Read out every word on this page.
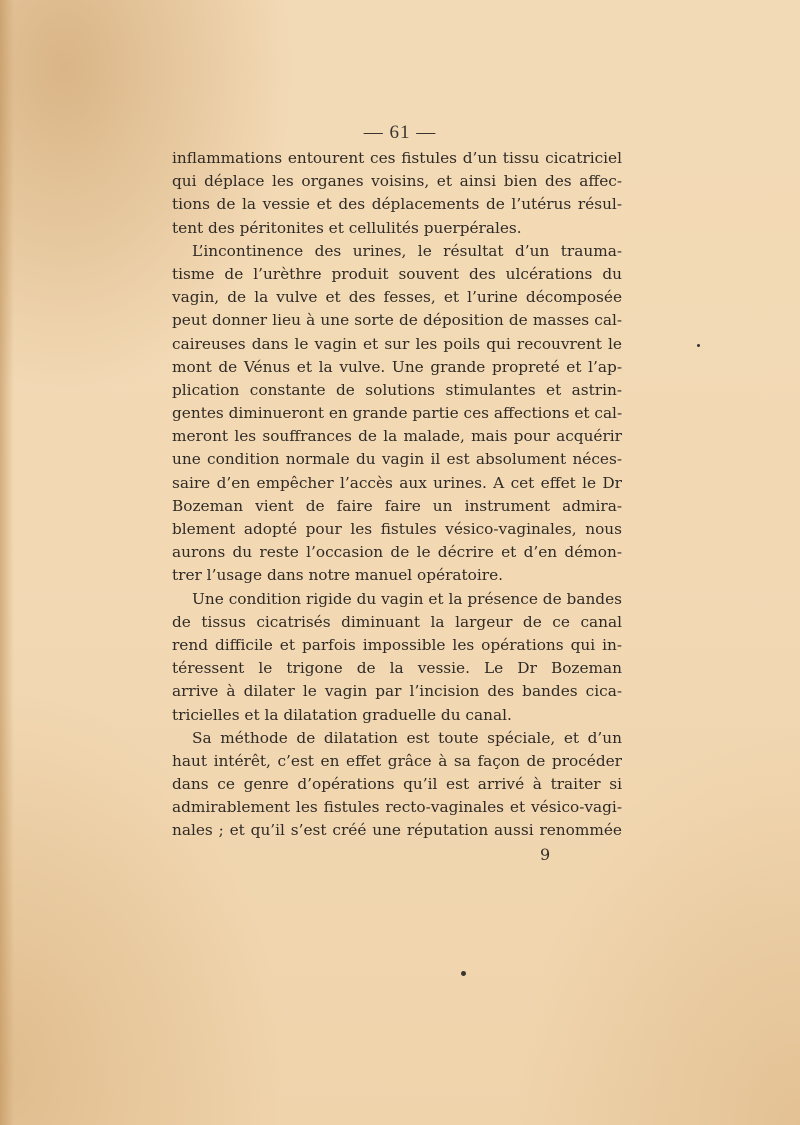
— 61 —
inflammations entourent ces fistules d’un tissu cicatriciel
qui déplace les organes voisins, et ainsi bien des affec-
tions de la vessie et des déplacements de l’utérus résul-
tent des péritonites et cellulités puerpérales.
L’incontinence des urines, le résultat d’un trauma-
tisme de l’urèthre produit souvent des ulcérations du
vagin, de la vulve et des fesses, et l’urine décomposée
peut donner lieu à une sorte de déposition de masses cal-
caireuses dans le vagin et sur les poils qui recouvrent le
mont de Vénus et la vulve. Une grande propreté et l’ap-
plication constante de solutions stimulantes et astrin-
gentes diminueront en grande partie ces affections et cal-
meront les souffrances de la malade, mais pour acquérir
une condition normale du vagin il est absolument néces-
saire d’en empêcher l’accès aux urines. A cet effet le Dr
Bozeman vient de faire faire un instrument admira-
blement adopté pour les fistules vésico-vaginales, nous
aurons du reste l’occasion de le décrire et d’en démon-
trer l’usage dans notre manuel opératoire.
Une condition rigide du vagin et la présence de bandes
de tissus cicatrisés diminuant la largeur de ce canal
rend difficile et parfois impossible les opérations qui in-
téressent le trigone de la vessie. Le Dr Bozeman
arrive à dilater le vagin par l’incision des bandes cica-
tricielles et la dilatation graduelle du canal.
Sa méthode de dilatation est toute spéciale, et d’un
haut intérêt, c’est en effet grâce à sa façon de procéder
dans ce genre d’opérations qu’il est arrivé à traiter si
admirablement les fistules recto-vaginales et vésico-vagi-
nales ; et qu’il s’est créé une réputation aussi renommée
9
